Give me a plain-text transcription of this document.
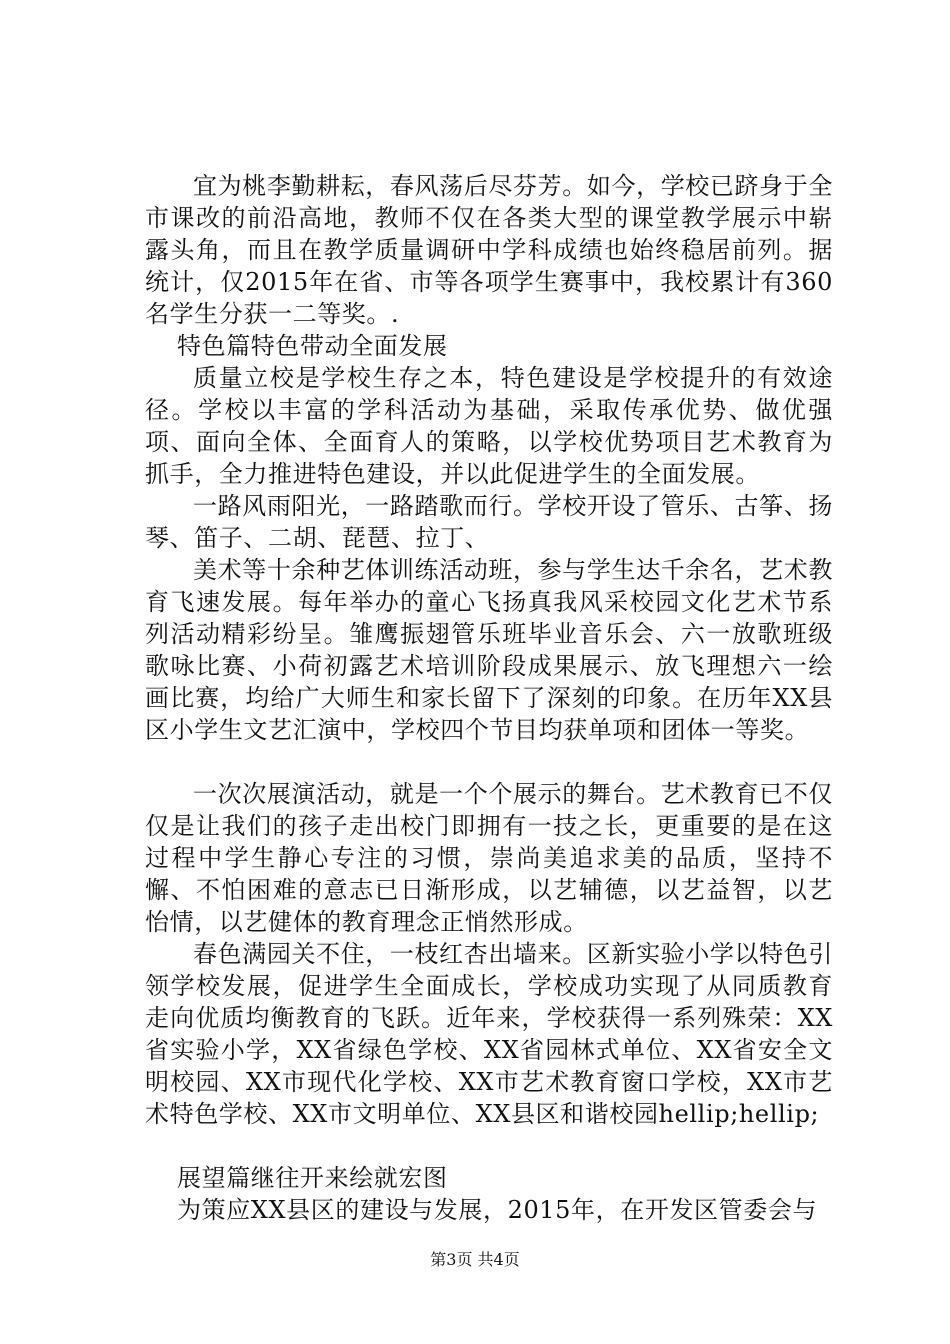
宜为桃李勤耕耘，春风荡后尽芬芳。如今，学校已跻身于全市课改的前沿高地，教师不仅在各类大型的课堂教学展示中崭露头角，而且在教学质量调研中学科成绩也始终稳居前列。据统计，仅2015年在省、市等各项学生赛事中，我校累计有360名学生分获一二等奖。.

特色篇特色带动全面发展

质量立校是学校生存之本，特色建设是学校提升的有效途径。学校以丰富的学科活动为基础，采取传承优势、做优强项、面向全体、全面育人的策略，以学校优势项目艺术教育为抓手，全力推进特色建设，并以此促进学生的全面发展。

一路风雨阳光，一路踏歌而行。学校开设了管乐、古筝、扬琴、笛子、二胡、琵琶、拉丁、

美术等十余种艺体训练活动班，参与学生达千余名，艺术教育飞速发展。每年举办的童心飞扬真我风采校园文化艺术节系列活动精彩纷呈。雏鹰振翅管乐班毕业音乐会、六一放歌班级歌咏比赛、小荷初露艺术培训阶段成果展示、放飞理想六一绘画比赛，均给广大师生和家长留下了深刻的印象。在历年XX县区小学生文艺汇演中，学校四个节目均获单项和团体一等奖。

一次次展演活动，就是一个个展示的舞台。艺术教育已不仅仅是让我们的孩子走出校门即拥有一技之长，更重要的是在这过程中学生静心专注的习惯，崇尚美追求美的品质，坚持不懈、不怕困难的意志已日渐形成，以艺辅德，以艺益智，以艺怡情，以艺健体的教育理念正悄然形成。

春色满园关不住，一枝红杏出墙来。区新实验小学以特色引领学校发展，促进学生全面成长，学校成功实现了从同质教育走向优质均衡教育的飞跃。近年来，学校获得一系列殊荣：XX省实验小学，XX省绿色学校、XX省园林式单位、XX省安全文明校园、XX市现代化学校、XX市艺术教育窗口学校，XX市艺术特色学校、XX市文明单位、XX县区和谐校园hellip;hellip;

展望篇继往开来绘就宏图

为策应XX县区的建设与发展，2015年，在开发区管委会与

第3页 共4页
